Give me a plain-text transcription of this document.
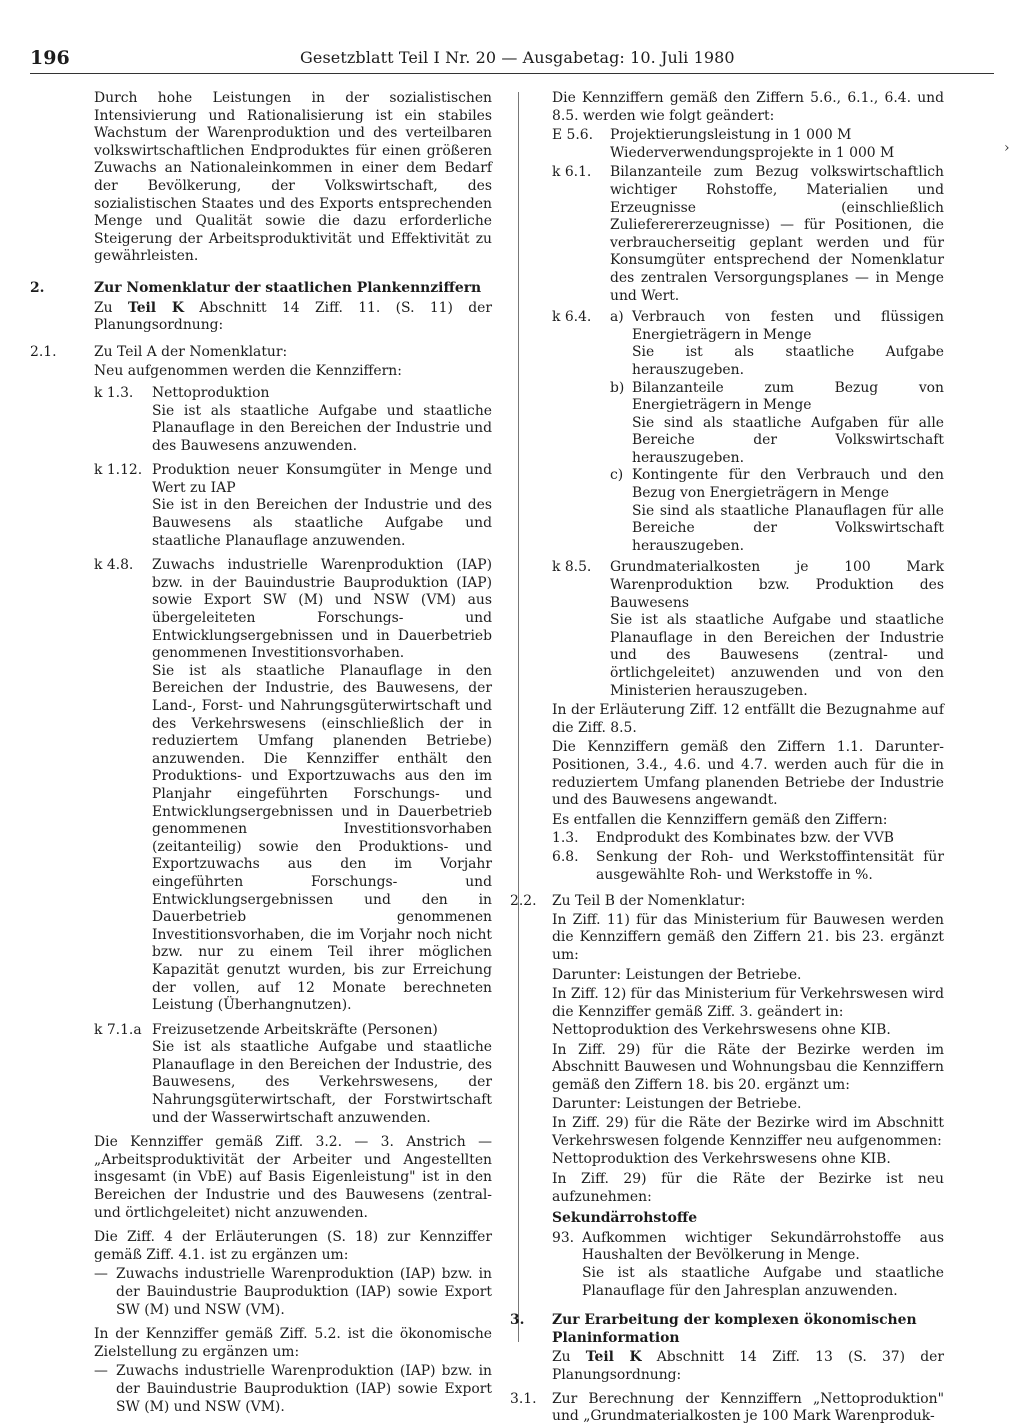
196	Gesetzblatt Teil I Nr. 20 — Ausgabetag: 10. Juli 1980
›

Durch hohe Leistungen in der sozialistischen Intensivierung und Rationalisierung ist ein stabiles Wachstum der Warenproduktion und des verteilbaren volkswirtschaftlichen Endproduktes für einen größeren Zuwachs an Nationaleinkommen in einer dem Bedarf der Bevölkerung, der Volkswirtschaft, des sozialistischen Staates und des Exports entsprechenden Menge und Qualität sowie die dazu erforderliche Steigerung der Arbeitsproduktivität und Effektivität zu gewährleisten.

2.	Zur Nomenklatur der staatlichen Plankennziffern

Zu Teil K Abschnitt 14 Ziff. 11. (S. 11) der Planungsordnung:

2.1.	Zu Teil A der Nomenklatur:

Neu aufgenommen werden die Kennziffern:

k 1.3.	Nettoproduktion

Sie ist als staatliche Aufgabe und staatliche Planauflage in den Bereichen der Industrie und des Bauwesens anzuwenden.

k 1.12. Produktion neuer Konsumgüter in Menge und Wert zu IAP

Sie ist in den Bereichen der Industrie und des Bauwesens als staatliche Aufgabe und staatliche Planauflage anzuwenden.

k 4.8.	Zuwachs industrielle Warenproduktion (IAP) bzw. in der Bauindustrie Bauproduktion (IAP) sowie Export SW (M) und NSW (VM) aus übergeleiteten Forschungs- und Entwicklungsergebnissen und in Dauerbetrieb genommenen Investitionsvorhaben.

Sie ist als staatliche Planauflage in den Bereichen der Industrie, des Bauwesens, der Land-, Forst- und Nahrungsgüterwirtschaft und des Verkehrswesens (einschließlich der in reduziertem Umfang planenden Betriebe) anzuwenden. Die Kennziffer enthält den Produktions- und Exportzuwachs aus den im Planjahr eingeführten Forschungs- und Entwicklungsergebnissen und in Dauerbetrieb genommenen Investitionsvorhaben (zeitanteilig) sowie den Produktions- und Exportzuwachs aus den im Vorjahr eingeführten Forschungs- und Entwicklungsergebnissen und den in Dauerbetrieb genommenen Investitionsvorhaben, die im Vorjahr noch nicht bzw. nur zu einem Teil ihrer möglichen Kapazität genutzt wurden, bis zur Erreichung der vollen, auf 12 Monate berechneten Leistung (Überhangnutzen).

k 7.1.a Freizusetzende Arbeitskräfte (Personen)

Sie ist als staatliche Aufgabe und staatliche Planauflage in den Bereichen der Industrie, des Bauwesens, des Verkehrswesens, der Nahrungsgüterwirtschaft, der Forstwirtschaft und der Wasserwirtschaft anzuwenden.

Die Kennziffer gemäß Ziff. 3.2. — 3. Anstrich — „Arbeitsproduktivität der Arbeiter und Angestellten insgesamt (in VbE) auf Basis Eigenleistung" ist in den Bereichen der Industrie und des Bauwesens (zentral- und örtlichgeleitet) nicht anzuwenden.

Die Ziff. 4 der Erläuterungen (S. 18) zur Kennziffer gemäß Ziff. 4.1. ist zu ergänzen um:

— Zuwachs industrielle Warenproduktion (IAP) bzw. in der Bauindustrie Bauproduktion (IAP) sowie Export SW (M) und NSW (VM).

In der Kennziffer gemäß Ziff. 5.2. ist die ökonomische Zielstellung zu ergänzen um:

— Zuwachs industrielle Warenproduktion (IAP) bzw. in der Bauindustrie Bauproduktion (IAP) sowie Export SW (M) und NSW (VM).

Die Kennziffern gemäß den Ziffern 5.6., 6.1., 6.4. und 8.5. werden wie folgt geändert:

E 5.6.	Projektierungsleistung in 1 000 M

Wiederverwendungsprojekte in 1 000 M

k 6.1.	Bilanzanteile zum Bezug volkswirtschaftlich wichtiger Rohstoffe, Materialien und Erzeugnisse (einschließlich Zulieferererzeugnisse) — für Positionen, die verbraucherseitig geplant werden und für Konsumgüter entsprechend der Nomenklatur des zentralen Versorgungsplanes — in Menge und Wert.

k 6.4.	a) Verbrauch von festen und flüssigen Energieträgern in Menge

Sie ist als staatliche Aufgabe herauszugeben.

b) Bilanzanteile zum Bezug von Energieträgern in Menge

Sie sind als staatliche Aufgaben für alle Bereiche der Volkswirtschaft herauszugeben.

c) Kontingente für den Verbrauch und den Bezug von Energieträgern in Menge

Sie sind als staatliche Planauflagen für alle Bereiche der Volkswirtschaft herauszugeben.

k 8.5.	Grundmaterialkosten je 100 Mark Warenproduktion bzw. Produktion des Bauwesens

Sie ist als staatliche Aufgabe und staatliche Planauflage in den Bereichen der Industrie und des Bauwesens (zentral- und örtlichgeleitet) anzuwenden und von den Ministerien herauszugeben.

In der Erläuterung Ziff. 12 entfällt die Bezugnahme auf die Ziff. 8.5.

Die Kennziffern gemäß den Ziffern 1.1. Darunter-Positionen, 3.4., 4.6. und 4.7. werden auch für die in reduziertem Umfang planenden Betriebe der Industrie und des Bauwesens angewandt.

Es entfallen die Kennziffern gemäß den Ziffern:

1.3.	Endprodukt des Kombinates bzw. der VVB

6.8.	Senkung der Roh- und Werkstoffintensität für ausgewählte Roh- und Werkstoffe in %.

2.2.	Zu Teil B der Nomenklatur:

In Ziff. 11) für das Ministerium für Bauwesen werden die Kennziffern gemäß den Ziffern 21. bis 23. ergänzt um:

Darunter: Leistungen der Betriebe.

In Ziff. 12) für das Ministerium für Verkehrswesen wird die Kennziffer gemäß Ziff. 3. geändert in:

Nettoproduktion des Verkehrswesens ohne KIB.

In Ziff. 29) für die Räte der Bezirke werden im Abschnitt Bauwesen und Wohnungsbau die Kennziffern gemäß den Ziffern 18. bis 20. ergänzt um:

Darunter: Leistungen der Betriebe.

In Ziff. 29) für die Räte der Bezirke wird im Abschnitt Verkehrswesen folgende Kennziffer neu aufgenommen:

Nettoproduktion des Verkehrswesens ohne KIB.

In Ziff. 29) für die Räte der Bezirke ist neu aufzunehmen:

Sekundärrohstoffe

93. Aufkommen wichtiger Sekundärrohstoffe aus Haushalten der Bevölkerung in Menge.

Sie ist als staatliche Aufgabe und staatliche Planauflage für den Jahresplan anzuwenden.

3.	Zur Erarbeitung der komplexen ökonomischen Planinformation

Zu Teil K Abschnitt 14 Ziff. 13 (S. 37) der Planungsordnung:

3.1.	Zur Berechnung der Kennziffern „Nettoproduktion" und „Grundmaterialkosten je 100 Mark Warenproduk-
